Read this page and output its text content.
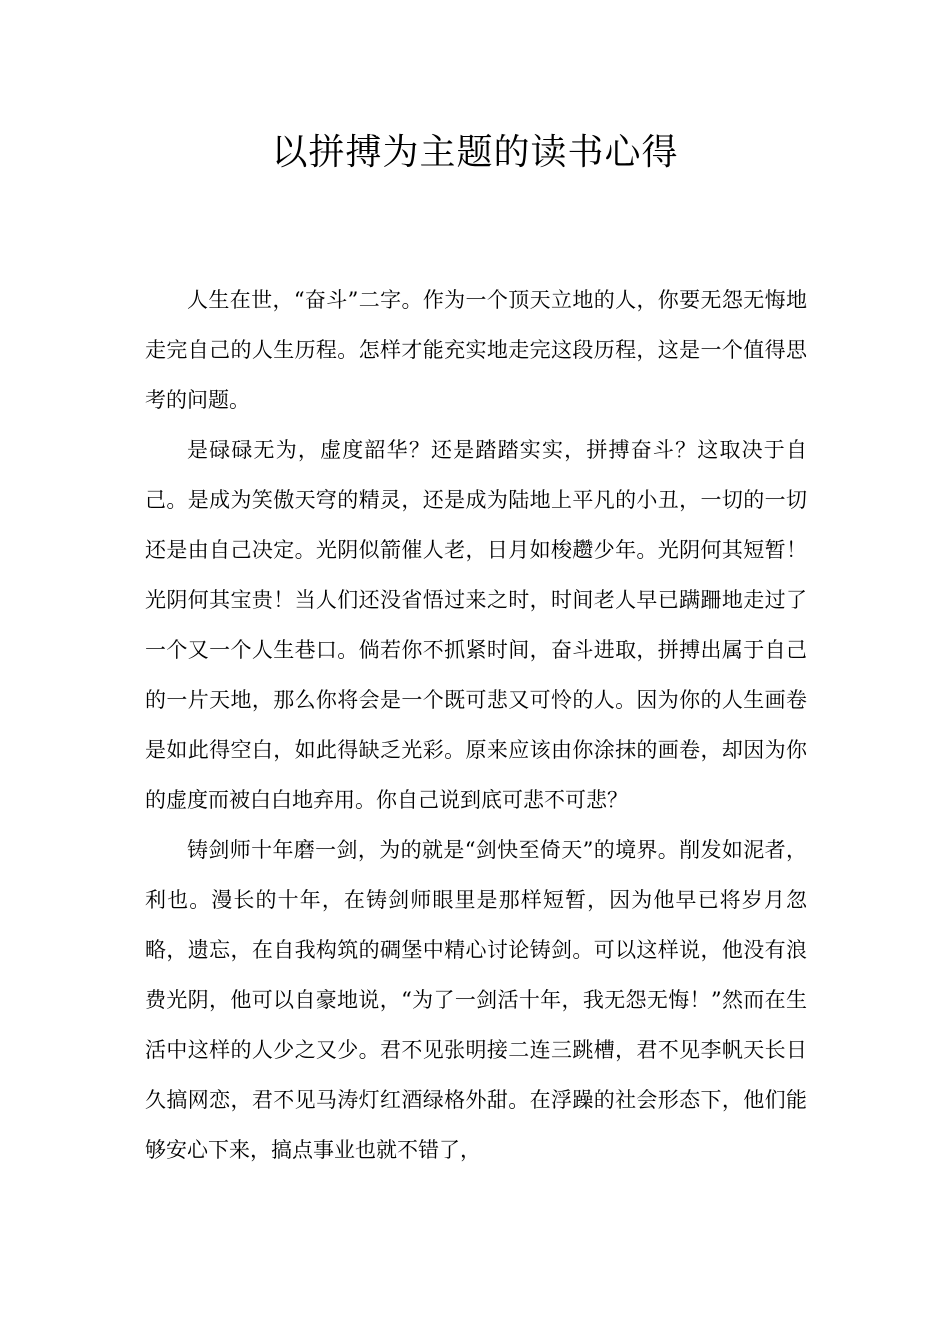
以拼搏为主题的读书心得

人生在世，“奋斗”二字。作为一个顶天立地的人，你要无怨无悔地走完自己的人生历程。怎样才能充实地走完这段历程，这是一个值得思考的问题。

是碌碌无为，虚度韶华？还是踏踏实实，拼搏奋斗？这取决于自己。是成为笑傲天穹的精灵，还是成为陆地上平凡的小丑，一切的一切还是由自己决定。光阴似箭催人老，日月如梭趱少年。光阴何其短暂！光阴何其宝贵！当人们还没省悟过来之时，时间老人早已蹒跚地走过了一个又一个人生巷口。倘若你不抓紧时间，奋斗进取，拼搏出属于自己的一片天地，那么你将会是一个既可悲又可怜的人。因为你的人生画卷是如此得空白，如此得缺乏光彩。原来应该由你涂抹的画卷，却因为你的虚度而被白白地弃用。你自己说到底可悲不可悲？

铸剑师十年磨一剑，为的就是“剑快至倚天”的境界。削发如泥者，利也。漫长的十年，在铸剑师眼里是那样短暂，因为他早已将岁月忽略，遗忘，在自我构筑的碉堡中精心讨论铸剑。可以这样说，他没有浪费光阴，他可以自豪地说，“为了一剑活十年，我无怨无悔！”然而在生活中这样的人少之又少。君不见张明接二连三跳槽，君不见李帆天长日久搞网恋，君不见马涛灯红酒绿格外甜。在浮躁的社会形态下，他们能够安心下来，搞点事业也就不错了，
